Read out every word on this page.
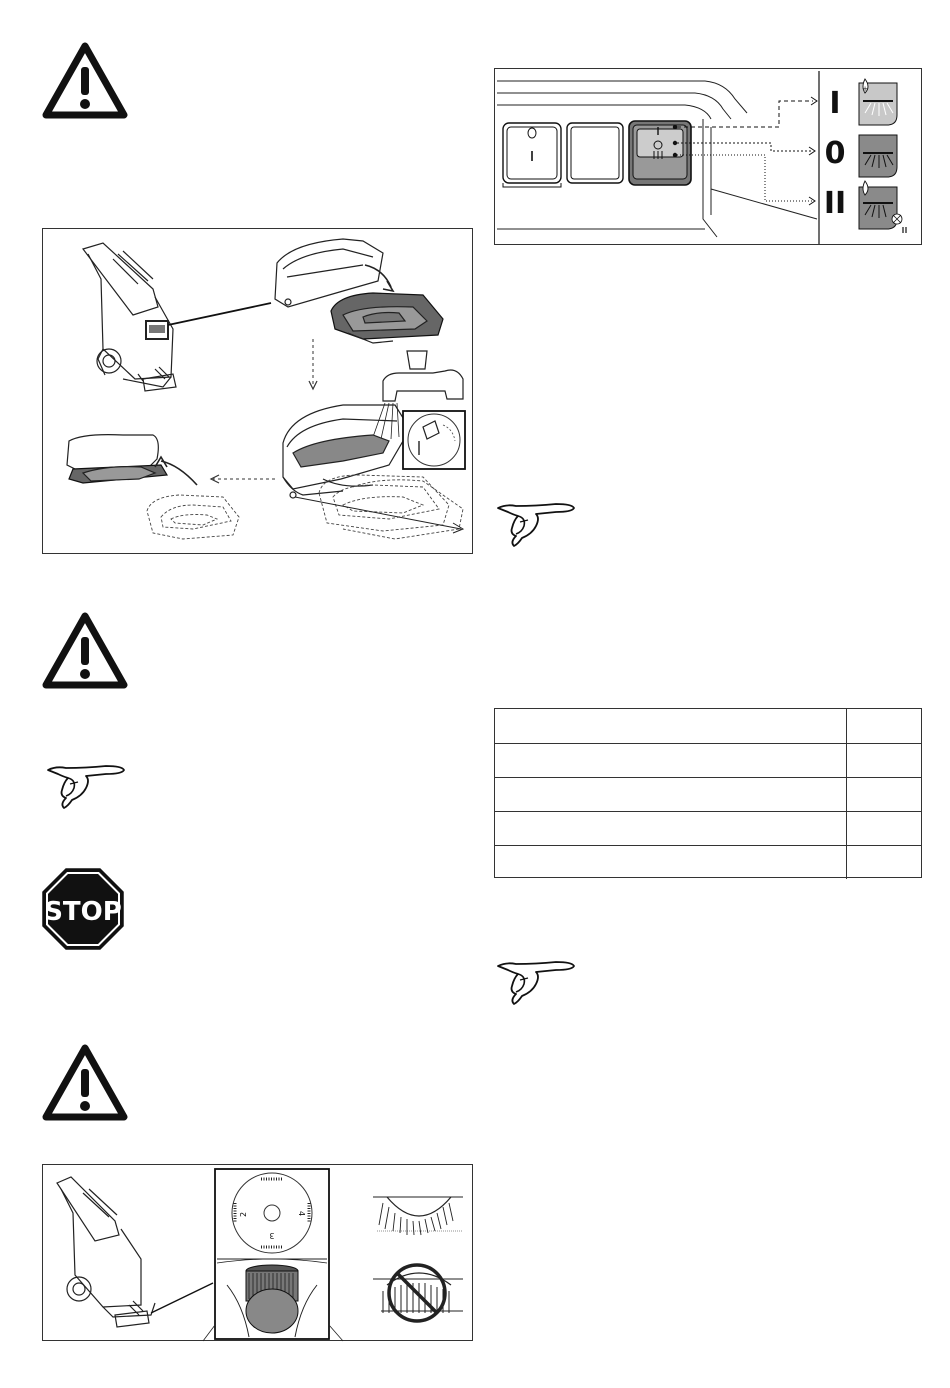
STOP
2
3
4
I
0
II
+
